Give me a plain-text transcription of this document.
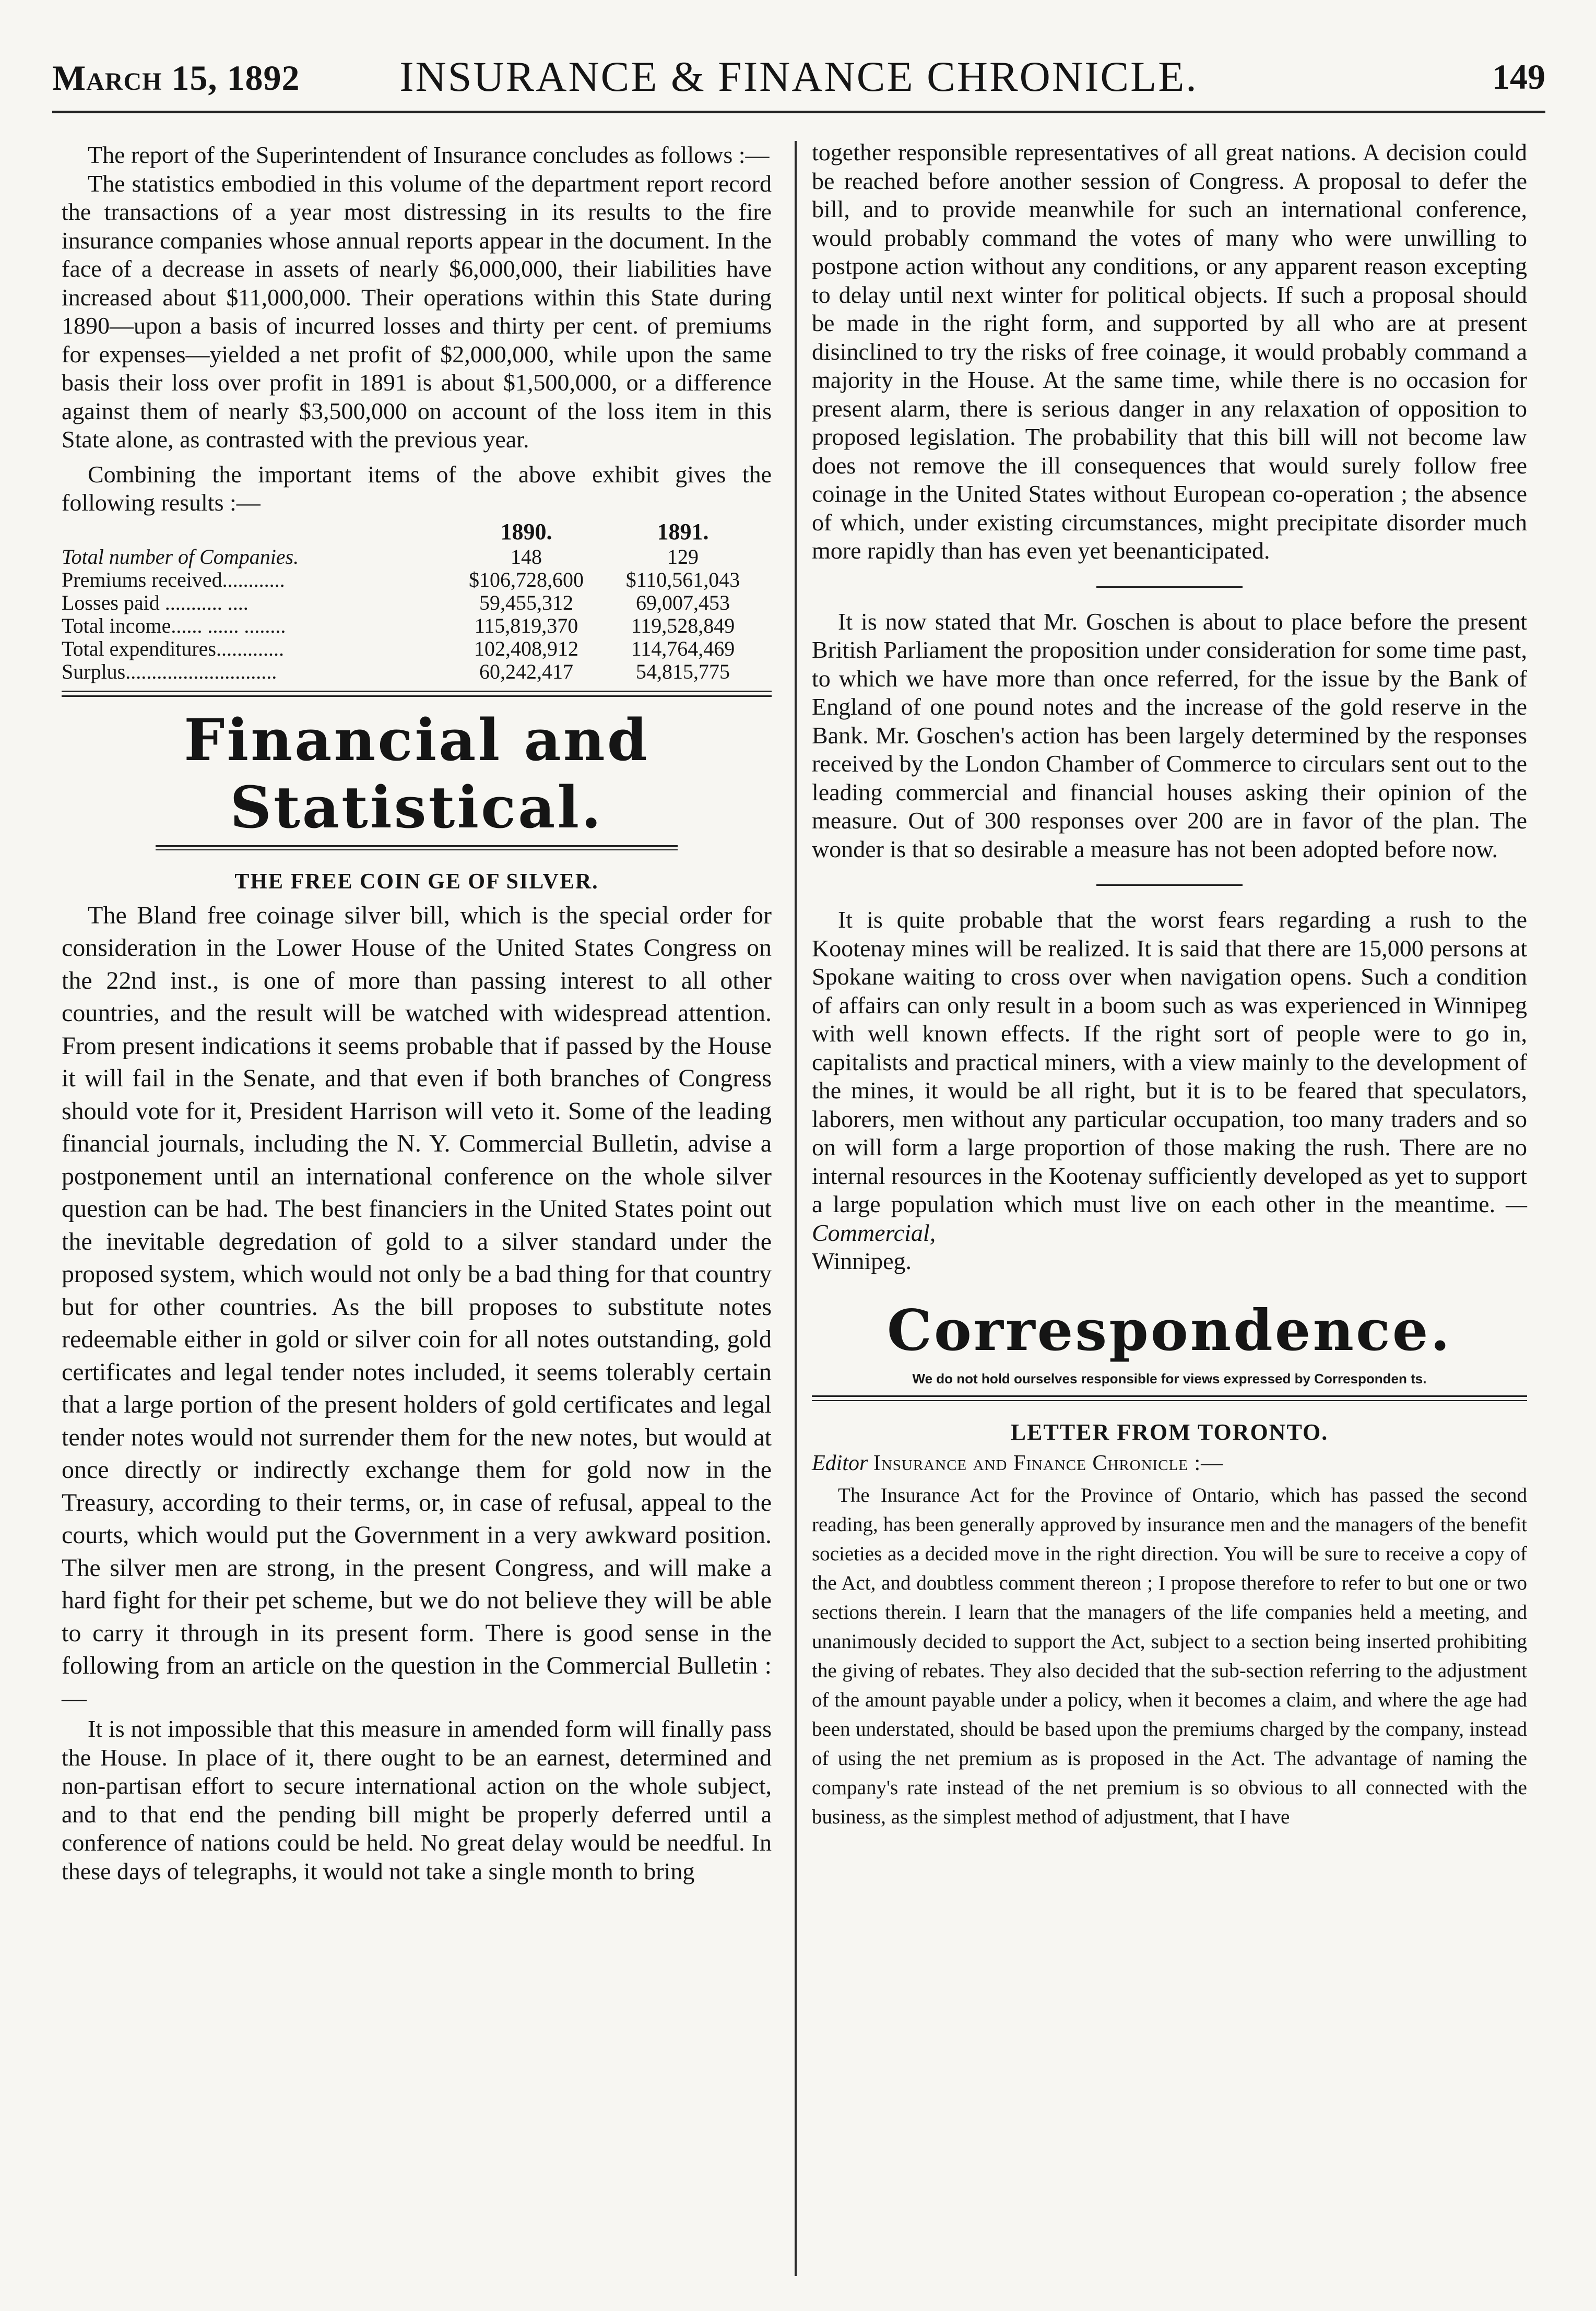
March 15, 1892	INSURANCE & FINANCE CHRONICLE.	149

The report of the Superintendent of Insurance concludes as follows :—

The statistics embodied in this volume of the department report record the transactions of a year most distressing in its results to the fire insurance companies whose annual reports appear in the document. In the face of a decrease in assets of nearly $6,000,000, their liabilities have increased about $11,000,000. Their operations within this State during 1890—upon a basis of incurred losses and thirty per cent. of premiums for expenses—yielded a net profit of $2,000,000, while upon the same basis their loss over profit in 1891 is about $1,500,000, or a difference against them of nearly $3,500,000 on account of the loss item in this State alone, as contrasted with the previous year.

Combining the important items of the above exhibit gives the following results :—

	1890.	1891.
Total number of Companies.	148	129
Premiums received............	$106,728,600	$110,561,043
Losses paid ........... ....	59,455,312	69,007,453
Total income...... ...... ........	115,819,370	119,528,849
Total expenditures.............	102,408,912	114,764,469
Surplus.............................	60,242,417	54,815,775
Financial and Statistical.
THE FREE COIN GE OF SILVER.

The Bland free coinage silver bill, which is the special order for consideration in the Lower House of the United States Congress on the 22nd inst., is one of more than passing interest to all other countries, and the result will be watched with widespread attention. From present indications it seems probable that if passed by the House it will fail in the Senate, and that even if both branches of Congress should vote for it, President Harrison will veto it. Some of the leading financial journals, including the N. Y. Commercial Bulletin, advise a postponement until an international conference on the whole silver question can be had. The best financiers in the United States point out the inevitable degredation of gold to a silver standard under the proposed system, which would not only be a bad thing for that country but for other countries. As the bill proposes to substitute notes redeemable either in gold or silver coin for all notes outstanding, gold certificates and legal tender notes included, it seems tolerably certain that a large portion of the present holders of gold certificates and legal tender notes would not surrender them for the new notes, but would at once directly or indirectly exchange them for gold now in the Treasury, according to their terms, or, in case of refusal, appeal to the courts, which would put the Government in a very awkward position. The silver men are strong, in the present Congress, and will make a hard fight for their pet scheme, but we do not believe they will be able to carry it through in its present form. There is good sense in the following from an article on the question in the Commercial Bulletin :—

It is not impossible that this measure in amended form will finally pass the House. In place of it, there ought to be an earnest, determined and non-partisan effort to secure international action on the whole subject, and to that end the pending bill might be properly deferred until a conference of nations could be held. No great delay would be needful. In these days of telegraphs, it would not take a single month to bring

together responsible representatives of all great nations. A decision could be reached before another session of Congress. A proposal to defer the bill, and to provide meanwhile for such an international conference, would probably command the votes of many who were unwilling to postpone action without any conditions, or any apparent reason excepting to delay until next winter for political objects. If such a proposal should be made in the right form, and supported by all who are at present disinclined to try the risks of free coinage, it would probably command a majority in the House. At the same time, while there is no occasion for present alarm, there is serious danger in any relaxation of opposition to proposed legislation. The probability that this bill will not become law does not remove the ill consequences that would surely follow free coinage in the United States without European co-operation ; the absence of which, under existing circumstances, might precipitate disorder much more rapidly than has even yet beenanticipated.

It is now stated that Mr. Goschen is about to place before the present British Parliament the proposition under consideration for some time past, to which we have more than once referred, for the issue by the Bank of England of one pound notes and the increase of the gold reserve in the Bank. Mr. Goschen's action has been largely determined by the responses received by the London Chamber of Commerce to circulars sent out to the leading commercial and financial houses asking their opinion of the measure. Out of 300 responses over 200 are in favor of the plan. The wonder is that so desirable a measure has not been adopted before now.

It is quite probable that the worst fears regarding a rush to the Kootenay mines will be realized. It is said that there are 15,000 persons at Spokane waiting to cross over when navigation opens. Such a condition of affairs can only result in a boom such as was experienced in Winnipeg with well known effects. If the right sort of people were to go in, capitalists and practical miners, with a view mainly to the development of the mines, it would be all right, but it is to be feared that speculators, laborers, men without any particular occupation, too many traders and so on will form a large proportion of those making the rush. There are no internal resources in the Kootenay sufficiently developed as yet to support a large population which must live on each other in the meantime. —Commercial,

Winnipeg.

Correspondence.
We do not hold ourselves responsible for views expressed by Corresponden ts.
LETTER FROM TORONTO.
Editor Insurance and Finance Chronicle :—

The Insurance Act for the Province of Ontario, which has passed the second reading, has been generally approved by insurance men and the managers of the benefit societies as a decided move in the right direction. You will be sure to receive a copy of the Act, and doubtless comment thereon ; I propose therefore to refer to but one or two sections therein. I learn that the managers of the life companies held a meeting, and unanimously decided to support the Act, subject to a section being inserted prohibiting the giving of rebates. They also decided that the sub-section referring to the adjustment of the amount payable under a policy, when it becomes a claim, and where the age had been understated, should be based upon the premiums charged by the company, instead of using the net premium as is proposed in the Act. The advantage of naming the company's rate instead of the net premium is so obvious to all connected with the business, as the simplest method of adjustment, that I have
